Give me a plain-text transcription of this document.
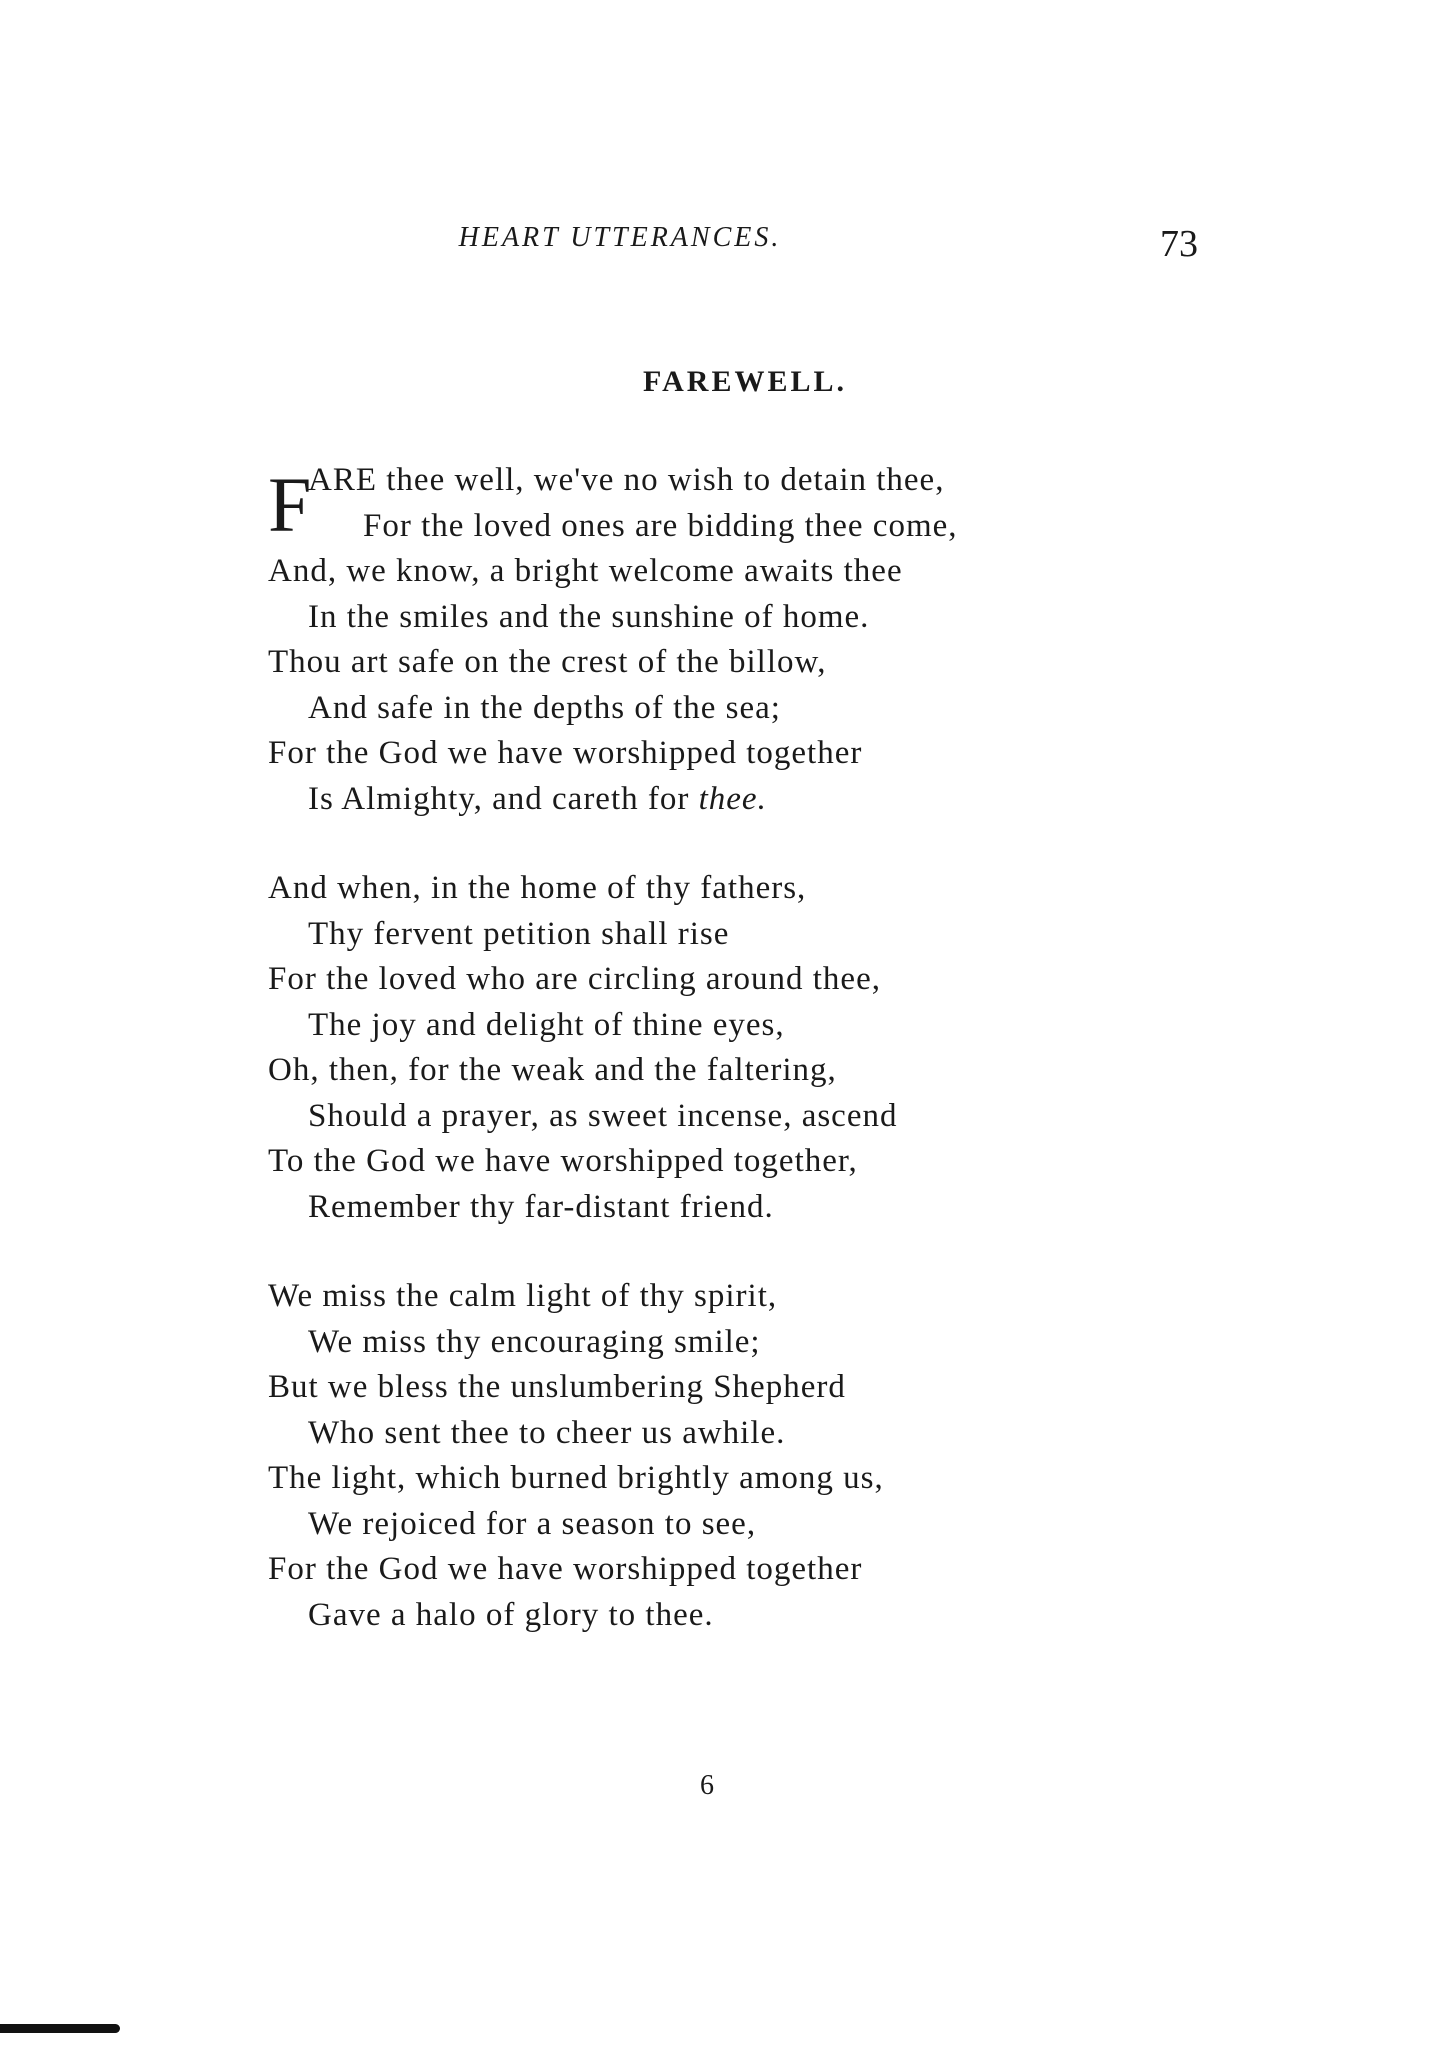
HEART UTTERANCES.	73
FAREWELL.
F
ARE thee well, we've no wish to detain thee,
For the loved ones are bidding thee come,
And, we know, a bright welcome awaits thee
In the smiles and the sunshine of home.
Thou art safe on the crest of the billow,
And safe in the depths of the sea;
For the God we have worshipped together
Is Almighty, and careth for thee.
And when, in the home of thy fathers,
Thy fervent petition shall rise
For the loved who are circling around thee,
The joy and delight of thine eyes,
Oh, then, for the weak and the faltering,
Should a prayer, as sweet incense, ascend
To the God we have worshipped together,
Remember thy far-distant friend.
We miss the calm light of thy spirit,
We miss thy encouraging smile;
But we bless the unslumbering Shepherd
Who sent thee to cheer us awhile.
The light, which burned brightly among us,
We rejoiced for a season to see,
For the God we have worshipped together
Gave a halo of glory to thee.
6
